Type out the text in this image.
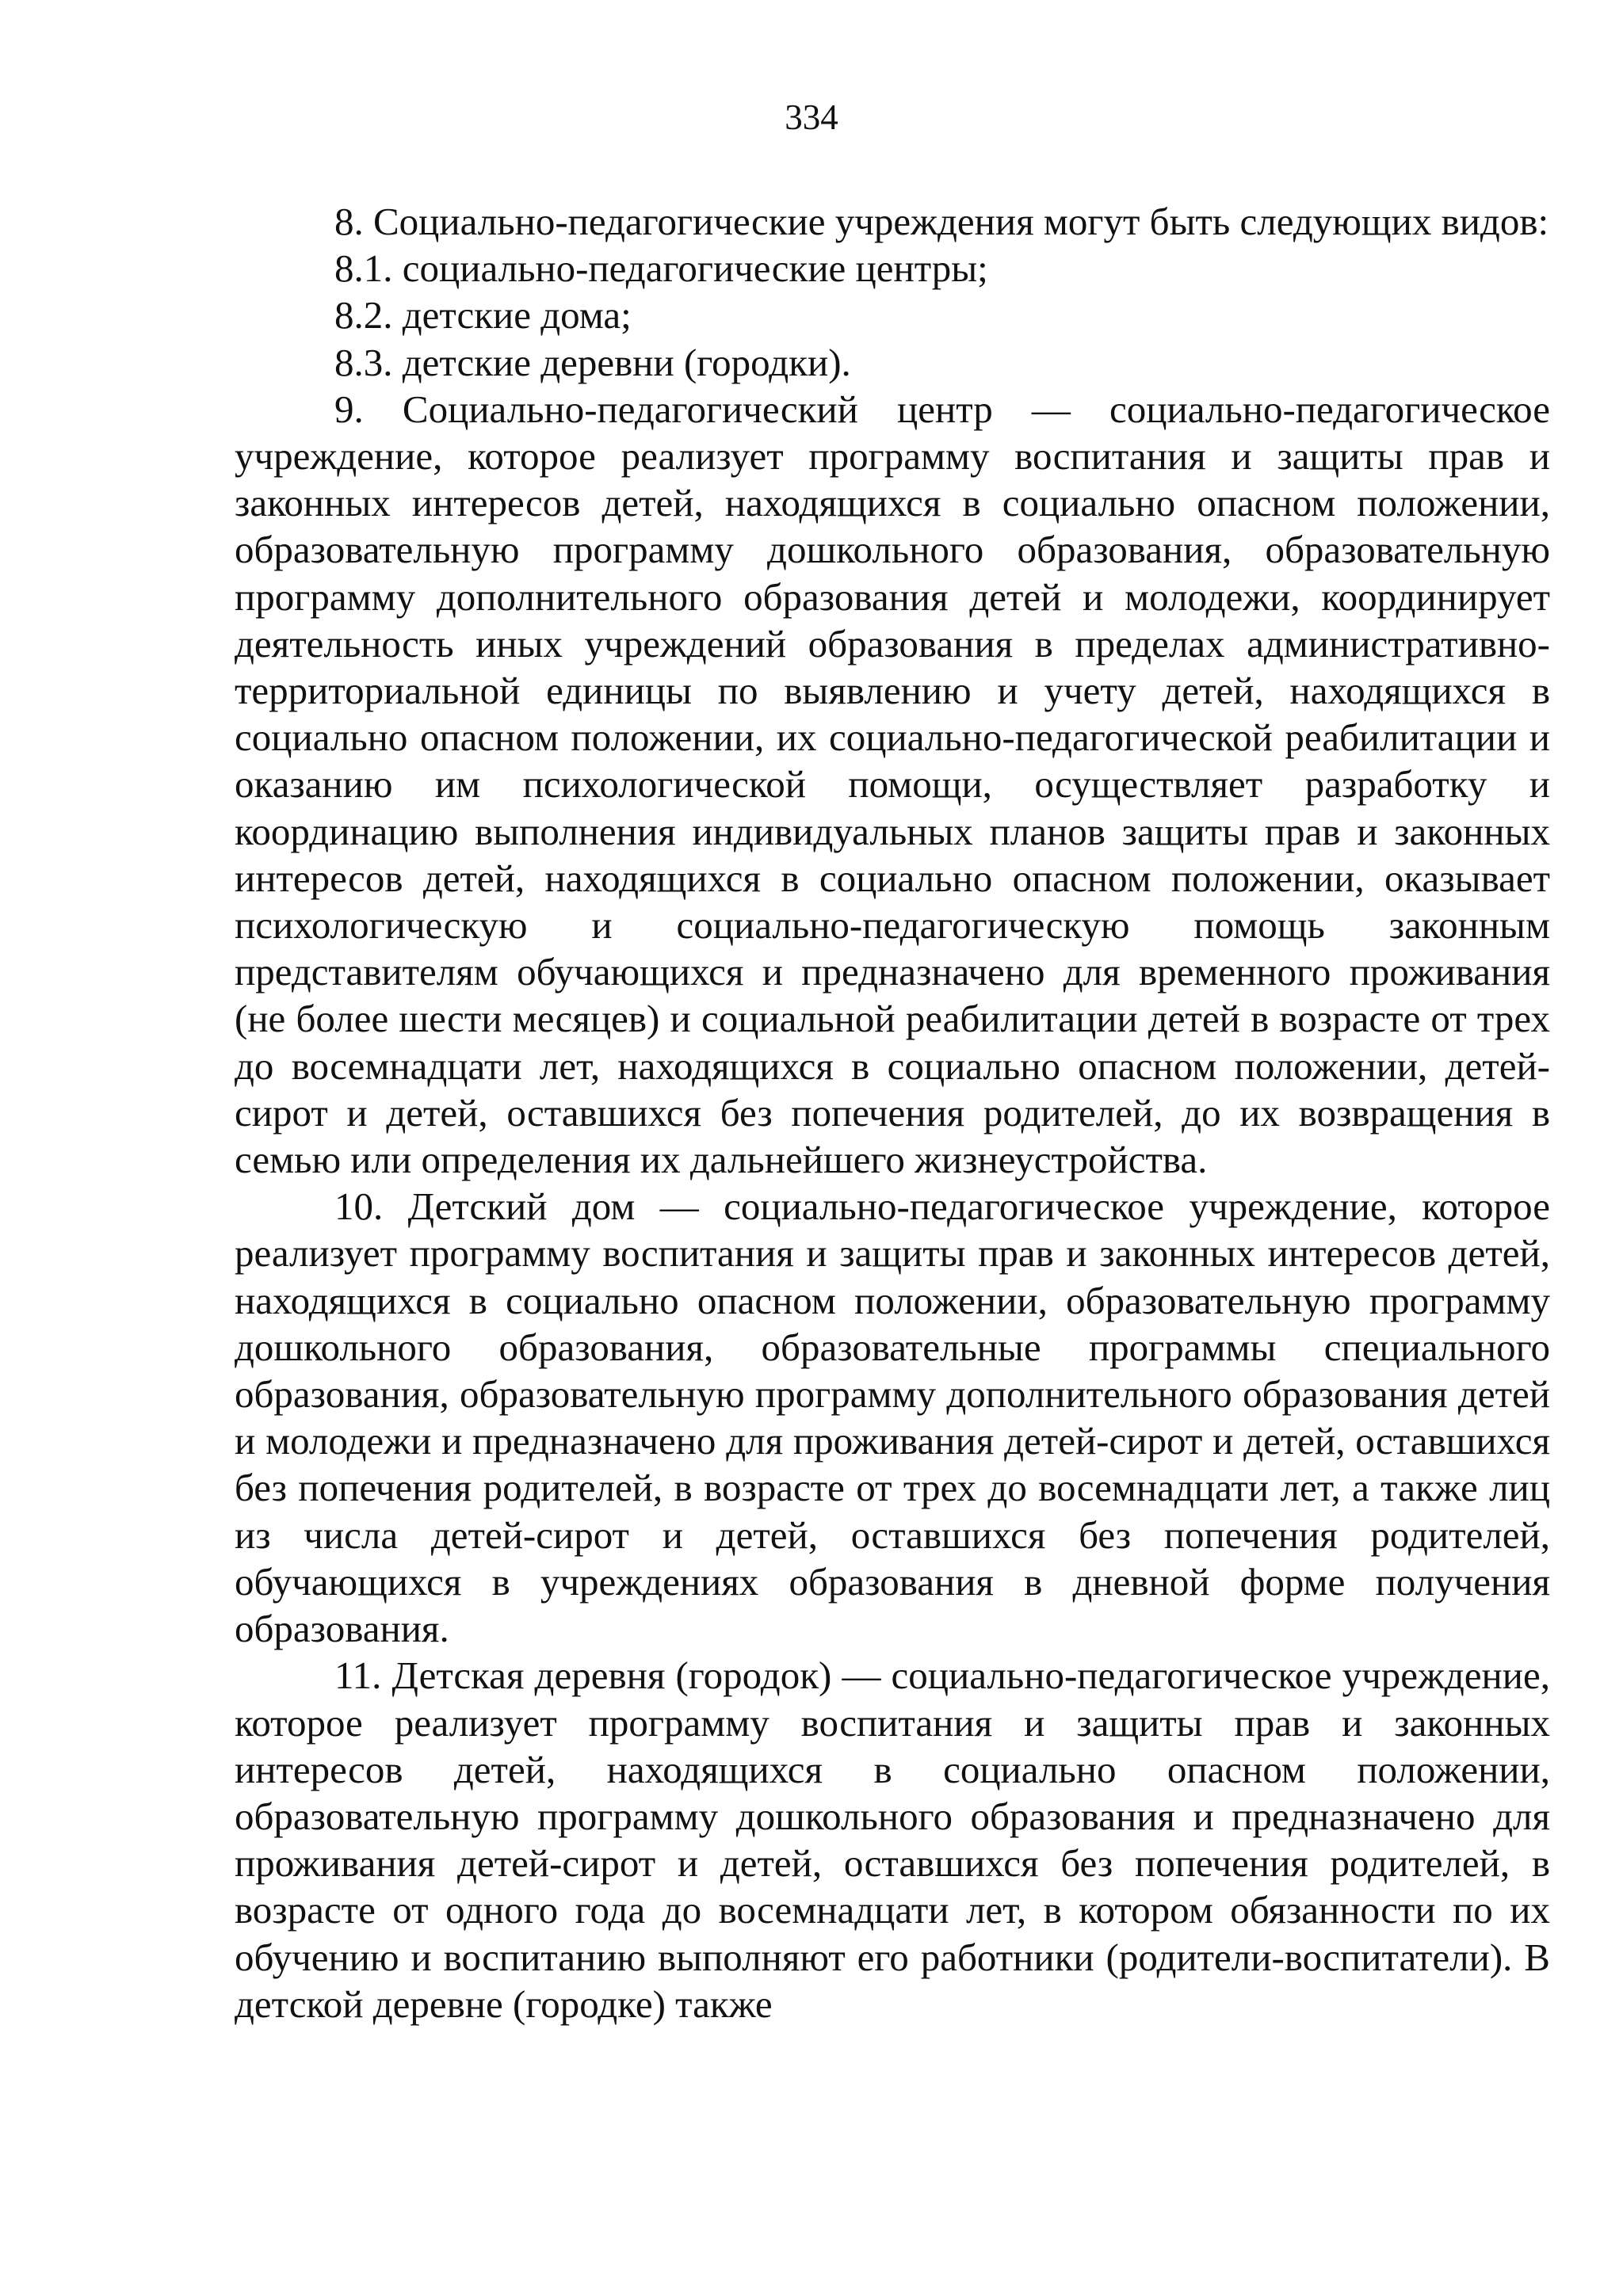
334

8. Социально-педагогические учреждения могут быть следующих видов:

8.1. социально-педагогические центры;

8.2. детские дома;

8.3. детские деревни (городки).

9. Социально-педагогический центр — социально-педагогическое учреждение, которое реализует программу воспитания и защиты прав и законных интересов детей, находящихся в социально опасном положении, образовательную программу дошкольного образования, образовательную программу дополнительного образования детей и молодежи, координирует деятельность иных учреждений образования в пределах административно-территориальной единицы по выявлению и учету детей, находящихся в социально опасном положении, их социально-педагогической реабилитации и оказанию им психологической помощи, осуществляет разработку и координацию выполнения индивидуальных планов защиты прав и законных интересов детей, находящихся в социально опасном положении, оказывает психологическую и социально-педагогическую помощь законным представителям обучающихся и предназначено для временного проживания (не более шести месяцев) и социальной реабилитации детей в возрасте от трех до восемнадцати лет, находящихся в социально опасном положении, детей-сирот и детей, оставшихся без попечения родителей, до их возвращения в семью или определения их дальнейшего жизнеустройства.

10. Детский дом — социально-педагогическое учреждение, которое реализует программу воспитания и защиты прав и законных интересов детей, находящихся в социально опасном положении, образовательную программу дошкольного образования, образовательные программы специального образования, образовательную программу дополнительного образования детей и молодежи и предназначено для проживания детей-сирот и детей, оставшихся без попечения родителей, в возрасте от трех до восемнадцати лет, а также лиц из числа детей-сирот и детей, оставшихся без попечения родителей, обучающихся в учреждениях образования в дневной форме получения образования.

11. Детская деревня (городок) — социально-педагогическое учреждение, которое реализует программу воспитания и защиты прав и законных интересов детей, находящихся в социально опасном положении, образовательную программу дошкольного образования и предназначено для проживания детей-сирот и детей, оставшихся без попечения родителей, в возрасте от одного года до восемнадцати лет, в котором обязанности по их обучению и воспитанию выполняют его работники (родители-воспитатели). В детской деревне (городке) также
